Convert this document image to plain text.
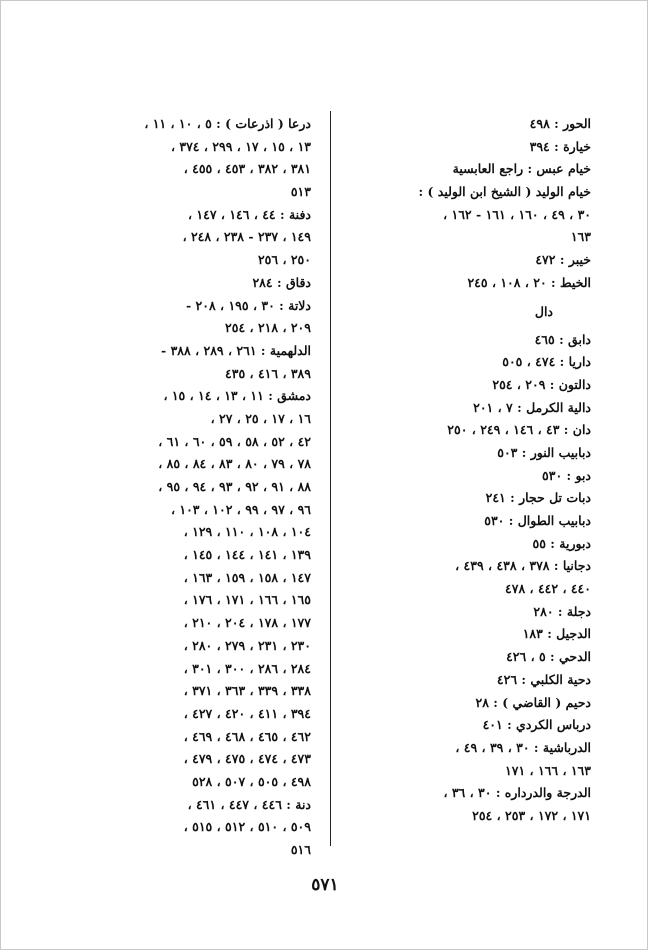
الحور : ٤٩٨
خيارة : ٣٩٤
خيام عبس : راجع العابسية
خيام الوليد ( الشيخ ابن الوليد ) :
٣٠ ، ٤٩ ، ١٦٠ ، ١٦١ - ١٦٢ ،
١٦٣
خيبر : ٤٧٢
الخيط : ٢٠ ، ١٠٨ ، ٢٤٥
دال
دابق : ٤٦٥
داريا : ٤٧٤ ، ٥٠٥
دالتون : ٢٠٩ ، ٢٥٤
دالية الكرمل : ٧ ، ٢٠١
دان : ٤٣ ، ١٤٦ ، ٢٤٩ ، ٢٥٠
دبابيب النور : ٥٠٣
دبو : ٥٣٠
دبات تل حجار : ٢٤١
دبابيب الطوال : ٥٣٠
دبورية : ٥٥
دجانيا : ٣٧٨ ، ٤٣٨ ، ٤٣٩ ،
٤٤٠ ، ٤٤٢ ، ٤٧٨
دجلة : ٢٨٠
الدجيل : ١٨٣
الدحي : ٥ ، ٤٢٦
دحية الكلبي : ٤٢٦
دحيم ( القاضي ) : ٢٨
درباس الكردي : ٤٠١
الدرباشية : ٣٠ ، ٣٩ ، ٤٩ ،
١٦٣ ، ١٦٦ ، ١٧١
الدرجة والدرداره : ٣٠ ، ٣٦ ،
١٧١ ، ١٧٢ ، ٢٥٣ ، ٢٥٤
درعا ( اذرعات ) : ٥ ، ١٠ ، ١١ ،
١٣ ، ١٥ ، ١٧ ، ٢٩٩ ، ٣٧٤ ،
٣٨١ ، ٣٨٢ ، ٤٥٣ ، ٤٥٥ ،
٥١٣
دفنة : ٤٤ ، ١٤٦ ، ١٤٧ ،
١٤٩ ، ٢٣٧ - ٢٣٨ ، ٢٤٨ ،
٢٥٠ ، ٢٥٦
دقاق : ٢٨٤
دلاتة : ٣٠ ، ١٩٥ ، ٢٠٨ -
٢٠٩ ، ٢١٨ ، ٢٥٤
الدلهمية : ٢٦١ ، ٢٨٩ ، ٣٨٨ -
٣٨٩ ، ٤١٦ ، ٤٣٥
دمشق : ١١ ، ١٣ ، ١٤ ، ١٥ ،
١٦ ، ١٧ ، ٢٥ ، ٢٧ ،
٤٢ ، ٥٢ ، ٥٨ ، ٥٩ ، ٦٠ ، ٦١ ،
٧٨ ، ٧٩ ، ٨٠ ، ٨٣ ، ٨٤ ، ٨٥ ،
٨٨ ، ٩١ ، ٩٢ ، ٩٣ ، ٩٤ ، ٩٥ ،
٩٦ ، ٩٧ ، ٩٩ ، ١٠٢ ، ١٠٣ ،
١٠٤ ، ١٠٨ ، ١١٠ ، ١٢٩ ،
١٣٩ ، ١٤١ ، ١٤٤ ، ١٤٥ ،
١٤٧ ، ١٥٨ ، ١٥٩ ، ١٦٣ ،
١٦٥ ، ١٦٦ ، ١٧١ ، ١٧٦ ،
١٧٧ ، ١٧٨ ، ٢٠٤ ، ٢١٠ ،
٢٣٠ ، ٢٣١ ، ٢٧٩ ، ٢٨٠ ،
٢٨٤ ، ٢٨٦ ، ٣٠٠ ، ٣٠١ ،
٣٣٨ ، ٣٣٩ ، ٣٦٣ ، ٣٧١ ،
٣٩٤ ، ٤١١ ، ٤٢٠ ، ٤٢٧ ،
٤٦٢ ، ٤٦٥ ، ٤٦٨ ، ٤٦٩ ،
٤٧٣ ، ٤٧٤ ، ٤٧٥ ، ٤٧٩ ،
٤٩٨ ، ٥٠٥ ، ٥٠٧ ، ٥٢٨
دنة : ٤٤٦ ، ٤٤٧ ، ٤٦١ ،
٥٠٩ ، ٥١٠ ، ٥١٢ ، ٥١٥ ،
٥١٦
٥٧١
